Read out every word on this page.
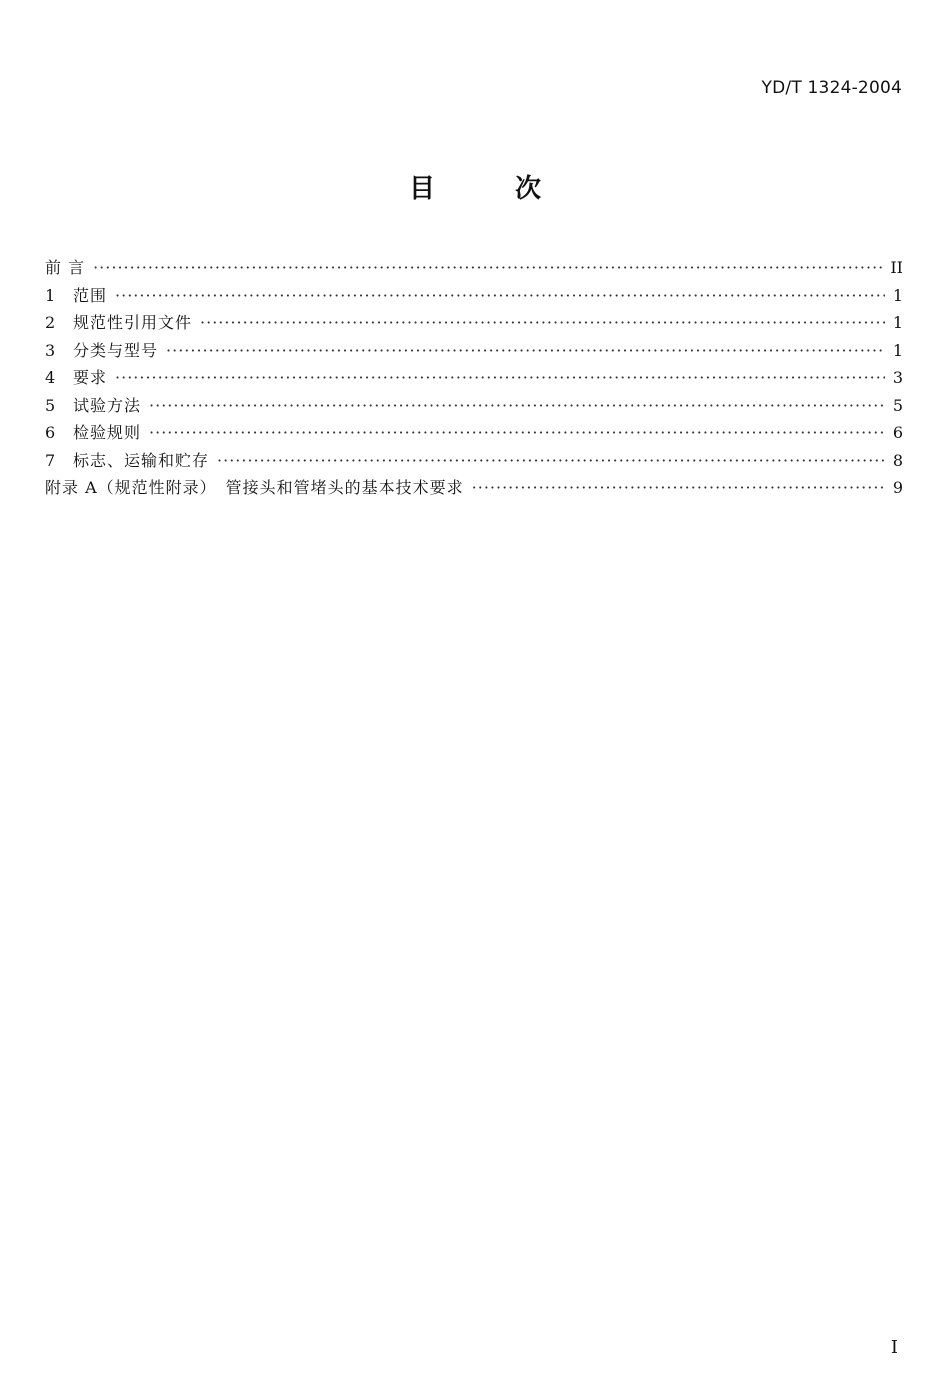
YD/T 1324-2004
目次
前 言 ·····	II
1	范围 ·····	1
2	规范性引用文件 ·····	1
3	分类与型号 ·····	1
4	要求 ·····	3
5	试验方法 ·····	5
6	检验规则 ·····	6
7	标志、运输和贮存 ·····	8
附录 A（规范性附录）　管接头和管堵头的基本技术要求 ·····	9
I
